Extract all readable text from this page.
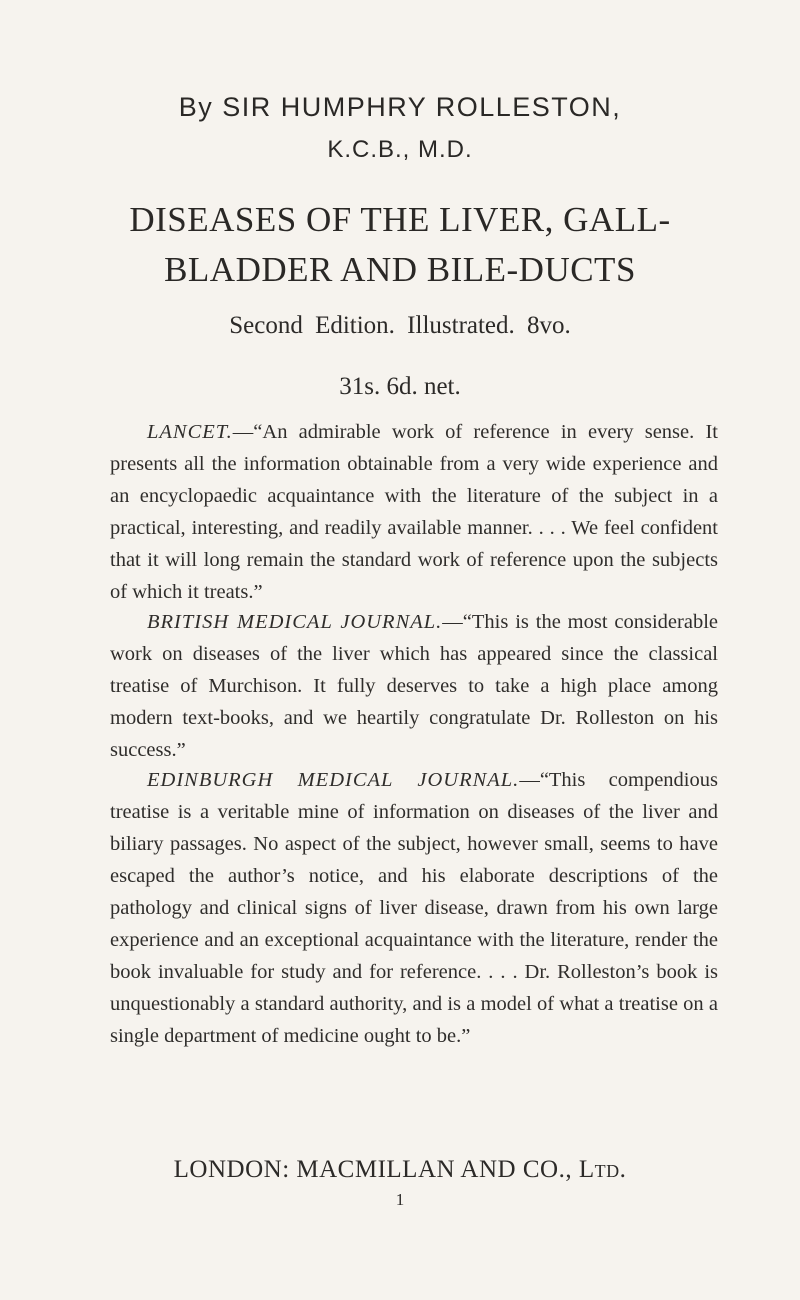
By SIR HUMPHRY ROLLESTON,
K.C.B., M.D.
DISEASES OF THE LIVER, GALL-
BLADDER AND BILE-DUCTS
Second Edition. Illustrated. 8vo.
31s. 6d. net.

LANCET.—“An admirable work of reference in every sense. It presents all the information obtainable from a very wide experience and an encyclopaedic acquaintance with the literature of the subject in a practical, interesting, and readily available manner. . . . We feel confident that it will long remain the standard work of reference upon the subjects of which it treats.”

BRITISH MEDICAL JOURNAL.—“This is the most considerable work on diseases of the liver which has appeared since the classical treatise of Murchison. It fully deserves to take a high place among modern text-books, and we heartily congratulate Dr. Rolleston on his success.”

EDINBURGH MEDICAL JOURNAL.—“This compendious treatise is a veritable mine of information on diseases of the liver and biliary passages. No aspect of the subject, however small, seems to have escaped the author’s notice, and his elaborate descriptions of the pathology and clinical signs of liver disease, drawn from his own large experience and an exceptional acquaintance with the literature, render the book invaluable for study and for reference. . . . Dr. Rolleston’s book is unquestionably a standard authority, and is a model of what a treatise on a single department of medicine ought to be.”

LONDON: MACMILLAN AND CO., Ltd.
1
